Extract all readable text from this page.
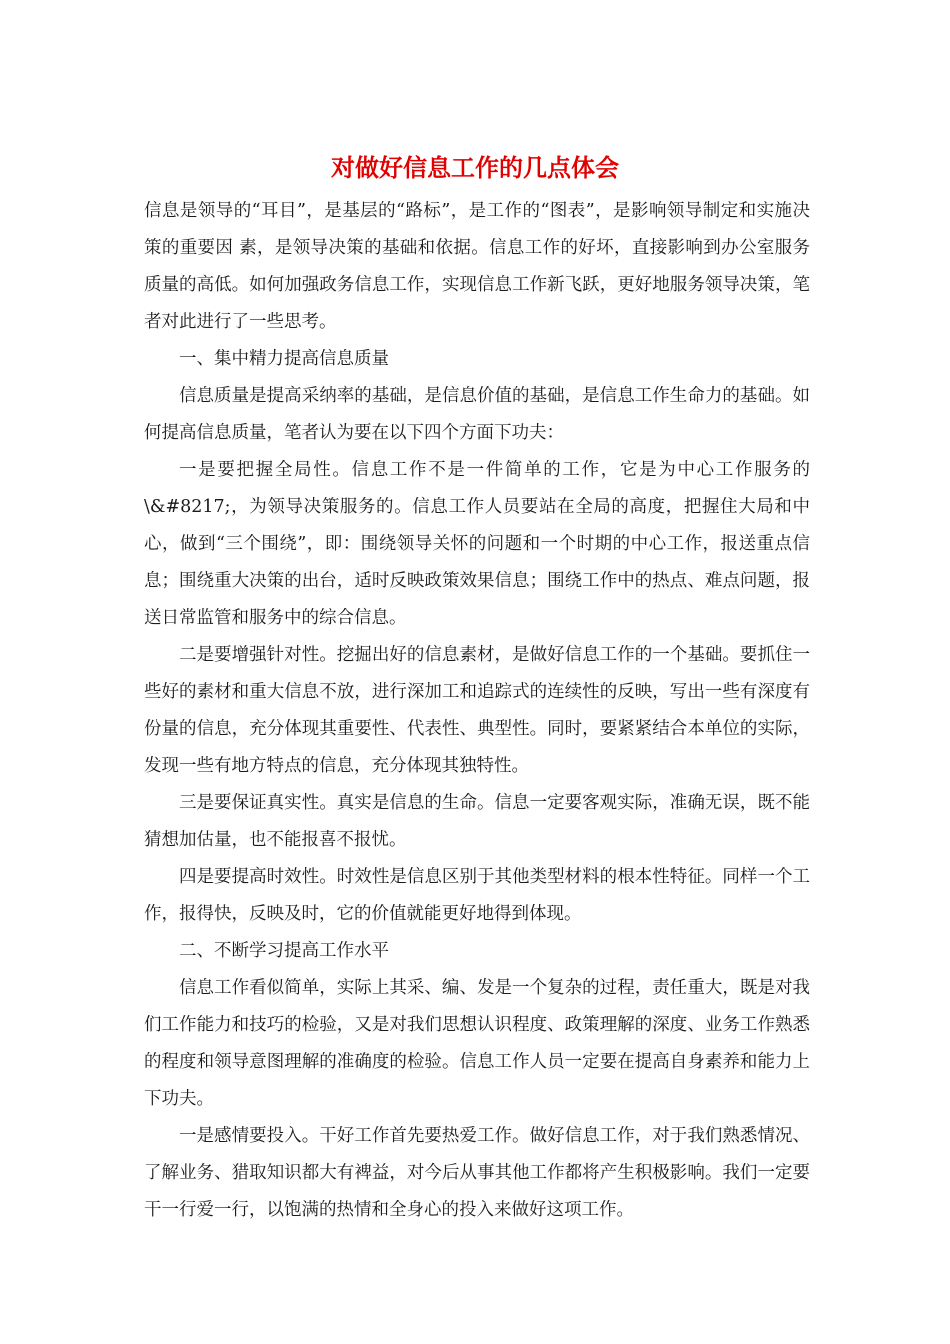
对做好信息工作的几点体会

信息是领导的“耳目”，是基层的“路标”，是工作的“图表”，是影响领导制定和实施决策的重要因 素，是领导决策的基础和依据。信息工作的好坏，直接影响到办公室服务质量的高低。如何加强政务信息工作，实现信息工作新飞跃，更好地服务领导决策，笔者对此进行了一些思考。

一、集中精力提高信息质量

信息质量是提高采纳率的基础，是信息价值的基础，是信息工作生命力的基础。如何提高信息质量，笔者认为要在以下四个方面下功夫：

一是要把握全局性。信息工作不是一件简单的工作，它是为中心工作服务的\&#8217;，为领导决策服务的。信息工作人员要站在全局的高度，把握住大局和中心，做到“三个围绕”，即：围绕领导关怀的问题和一个时期的中心工作，报送重点信息；围绕重大决策的出台，适时反映政策效果信息；围绕工作中的热点、难点问题，报送日常监管和服务中的综合信息。

二是要增强针对性。挖掘出好的信息素材，是做好信息工作的一个基础。要抓住一些好的素材和重大信息不放，进行深加工和追踪式的连续性的反映，写出一些有深度有份量的信息，充分体现其重要性、代表性、典型性。同时，要紧紧结合本单位的实际，发现一些有地方特点的信息，充分体现其独特性。

三是要保证真实性。真实是信息的生命。信息一定要客观实际，准确无误，既不能猜想加估量，也不能报喜不报忧。

四是要提高时效性。时效性是信息区别于其他类型材料的根本性特征。同样一个工作，报得快，反映及时，它的价值就能更好地得到体现。

二、不断学习提高工作水平

信息工作看似简单，实际上其采、编、发是一个复杂的过程，责任重大，既是对我们工作能力和技巧的检验，又是对我们思想认识程度、政策理解的深度、业务工作熟悉的程度和领导意图理解的准确度的检验。信息工作人员一定要在提高自身素养和能力上下功夫。

一是感情要投入。干好工作首先要热爱工作。做好信息工作，对于我们熟悉情况、了解业务、猎取知识都大有裨益，对今后从事其他工作都将产生积极影响。我们一定要干一行爱一行，以饱满的热情和全身心的投入来做好这项工作。
